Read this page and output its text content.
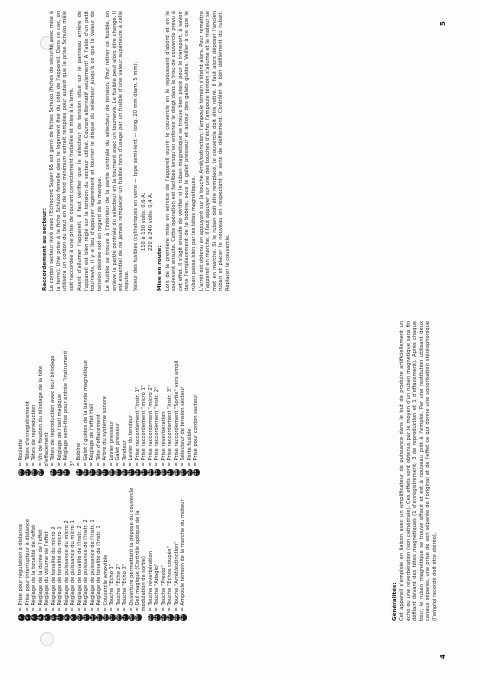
4
5
1
= Prise pour régulation à distance
2
= Prise pour interrupteur à distance
3
= Réglage de la tonalité de l'effet
4
= Réglage de la durée de l'effet
5
= Réglage du volume de l'effet
6
= Réglage de tonalité du micro 2
7
= Réglage de tonalité du micro 1
8
= Réglage de puissance du micro 2
9
= Réglage de puissance du micro 1
10
= Réglage de tonalité de l'instr. 2
11
= Réglage de puissance de l'instr. 2
12
= Réglage de puissance de l'instr. 1
13
= Réglage de tonalité de l'instr. 1
14
= Couvercle amovible
15
= Touche "Echo 1"
16
= Touche "Echo 2"
17
= Touche "Echo 3"
18
= Ouverture permettant la dépose du couvercle
19
= Oeil magique (Contrôle optique de la modulation de sortie)
20
= Touche réverbération
21
= Touche "Adagio"
22
= Touche "Presto"
23
= Touche "Echos coupés"
24
= Touche "Arrêt/extinction"
25
= Ampoule témoin de la marche du moteur
26
= Roulette
27
= Têtes d'enregistrement
28
= Têtes de reproduction
29
= Vis de fixation du blindage de la tête d'effacement
30
= Têtes de reproduction avec leur blindage
31
= Réglage de l'oeil magique
32
= Réglage semi-fixe pour entrée "instrument 3"
33
= Bobine
34
= Galet / guides de la bande magnétique
35
= Réglage de l'effet Hall
36
= Tête d'effacement
37
= Arbre du système sonore
38
= Levier presseur
39
= Galet presseur
40
= Tendeur
41
= Levier du tendeur
42
= Prise raccordement "Instr. 1"
43
= Prise raccordement "micro 1"
44
= Prise raccordement "micro 2"
45
= Prise raccordement "Instr. 2"
46
= Prise réverbération
47
= Prise raccordement "Instr. 3"
48
= Prise raccordement "Sortie" vers ampli
49
= Sélecteur de tension secteur
50
= Porte fusible
51
= Prise pour cordon secteur
Généralités: Cet appareil s'emploie en liaison avec un amplificateur de puissance dans le but de produire artificiellement un écho ou une réverbération (son cathédrale). Ces effets sont obtenus par le moyen d'un ruban magnétique sans fin défilant devant des têtes magnétiques (1 d'enregistrement, 3 de reproduction et 1 d'effacement). Après chaque tour, le ruban magnétique se trouve effacé et est à nouveau prêt à l'emploi. Par une restitution utilisant deux canaux séparés, une prise de son séparée de l'original et de l'effet ce qui donne une sonorisation stéréophonique (l'emploi recordé doit être stéréo).

Raccordement au secteur: Le cordon secteur livré avec l'Echocord Super 65 est garni de fiches Schuko (fiches de sécurité avec mise à la terre). Une prise à la fiche Schuko femelle dans le logement fixé du côté de l'appareil. Dans ce cas, on utilisera un cordon du bout en fil de fond minimum extrait remplies pour autant que la prise Schuko mâle soit raccordée à une prise de courant correctement installée et mise à la terre. Avant d'allumer l'appareil, il faut vérifier que le sélecteur de tension situé sur le panneau arrière de l'appareil est bien réglé sur la tension du secteur utilisé. Courant alternatif seulement! A l'aide d'un petit tournevis, il y a lieu d'appuyer légèrement et tourner le disque du sélecteur jusqu'à ce que la valeur de tension désirée soit en regard de la marque. Le fusible se trouve à l'intérieur de la partie centrale du sélecteur de tension. Pour retirer ce fusible, on enlève la partie centrale du sélecteur en la tournant avec un tournevis. Le fusible peut alors être changé. Il est essentiel de ne jamais remplacer un fusible hors d'usage par un fusible d'une valeur supérieure à celle requise. Valeur des fusibles (cylindriques en verre — type semi-lent — long. 20 mm diam. 5 mm): 110 à 130 volts: 0,6 A; 220 à 240 volts: 0,4 A.
Mise en route: Lors de la première mise en service de l'appareil ouvrir le couvercle en le repoussant d'abord et en le soulevant ensuite. Cette opération est facilitée lorsqu'on enfonce le doigt dans le trou de couvercle prévu à cet effet. Il s'agit ensuite de vérifier si le ruban magnétique se trouve bien placé pour le transport, à savoir dans l'emplacement de la bobine, sous le galet presseur et autour des galets guides. Veiller à ce que le ruban passe bien par les têtes magnétiques. L'arrêt est obtenu en appuyant sur la touche Arrêt/extinction; l'ampoule témoin s'éteint alors. Pour remettre l'appareil en marche, il faut appuyer sur une des touches d'écho; l'ampoule témoin s'allume et le moteur se met en marche. Si le ruban doit être remplacé, le couvercle doit être retiré. Il faut alors déposer l'ancien ruban et placer le nouveau en respectant le sens de défilement. Contrôler le bon défilement du ruban. Replacer le couvercle.
